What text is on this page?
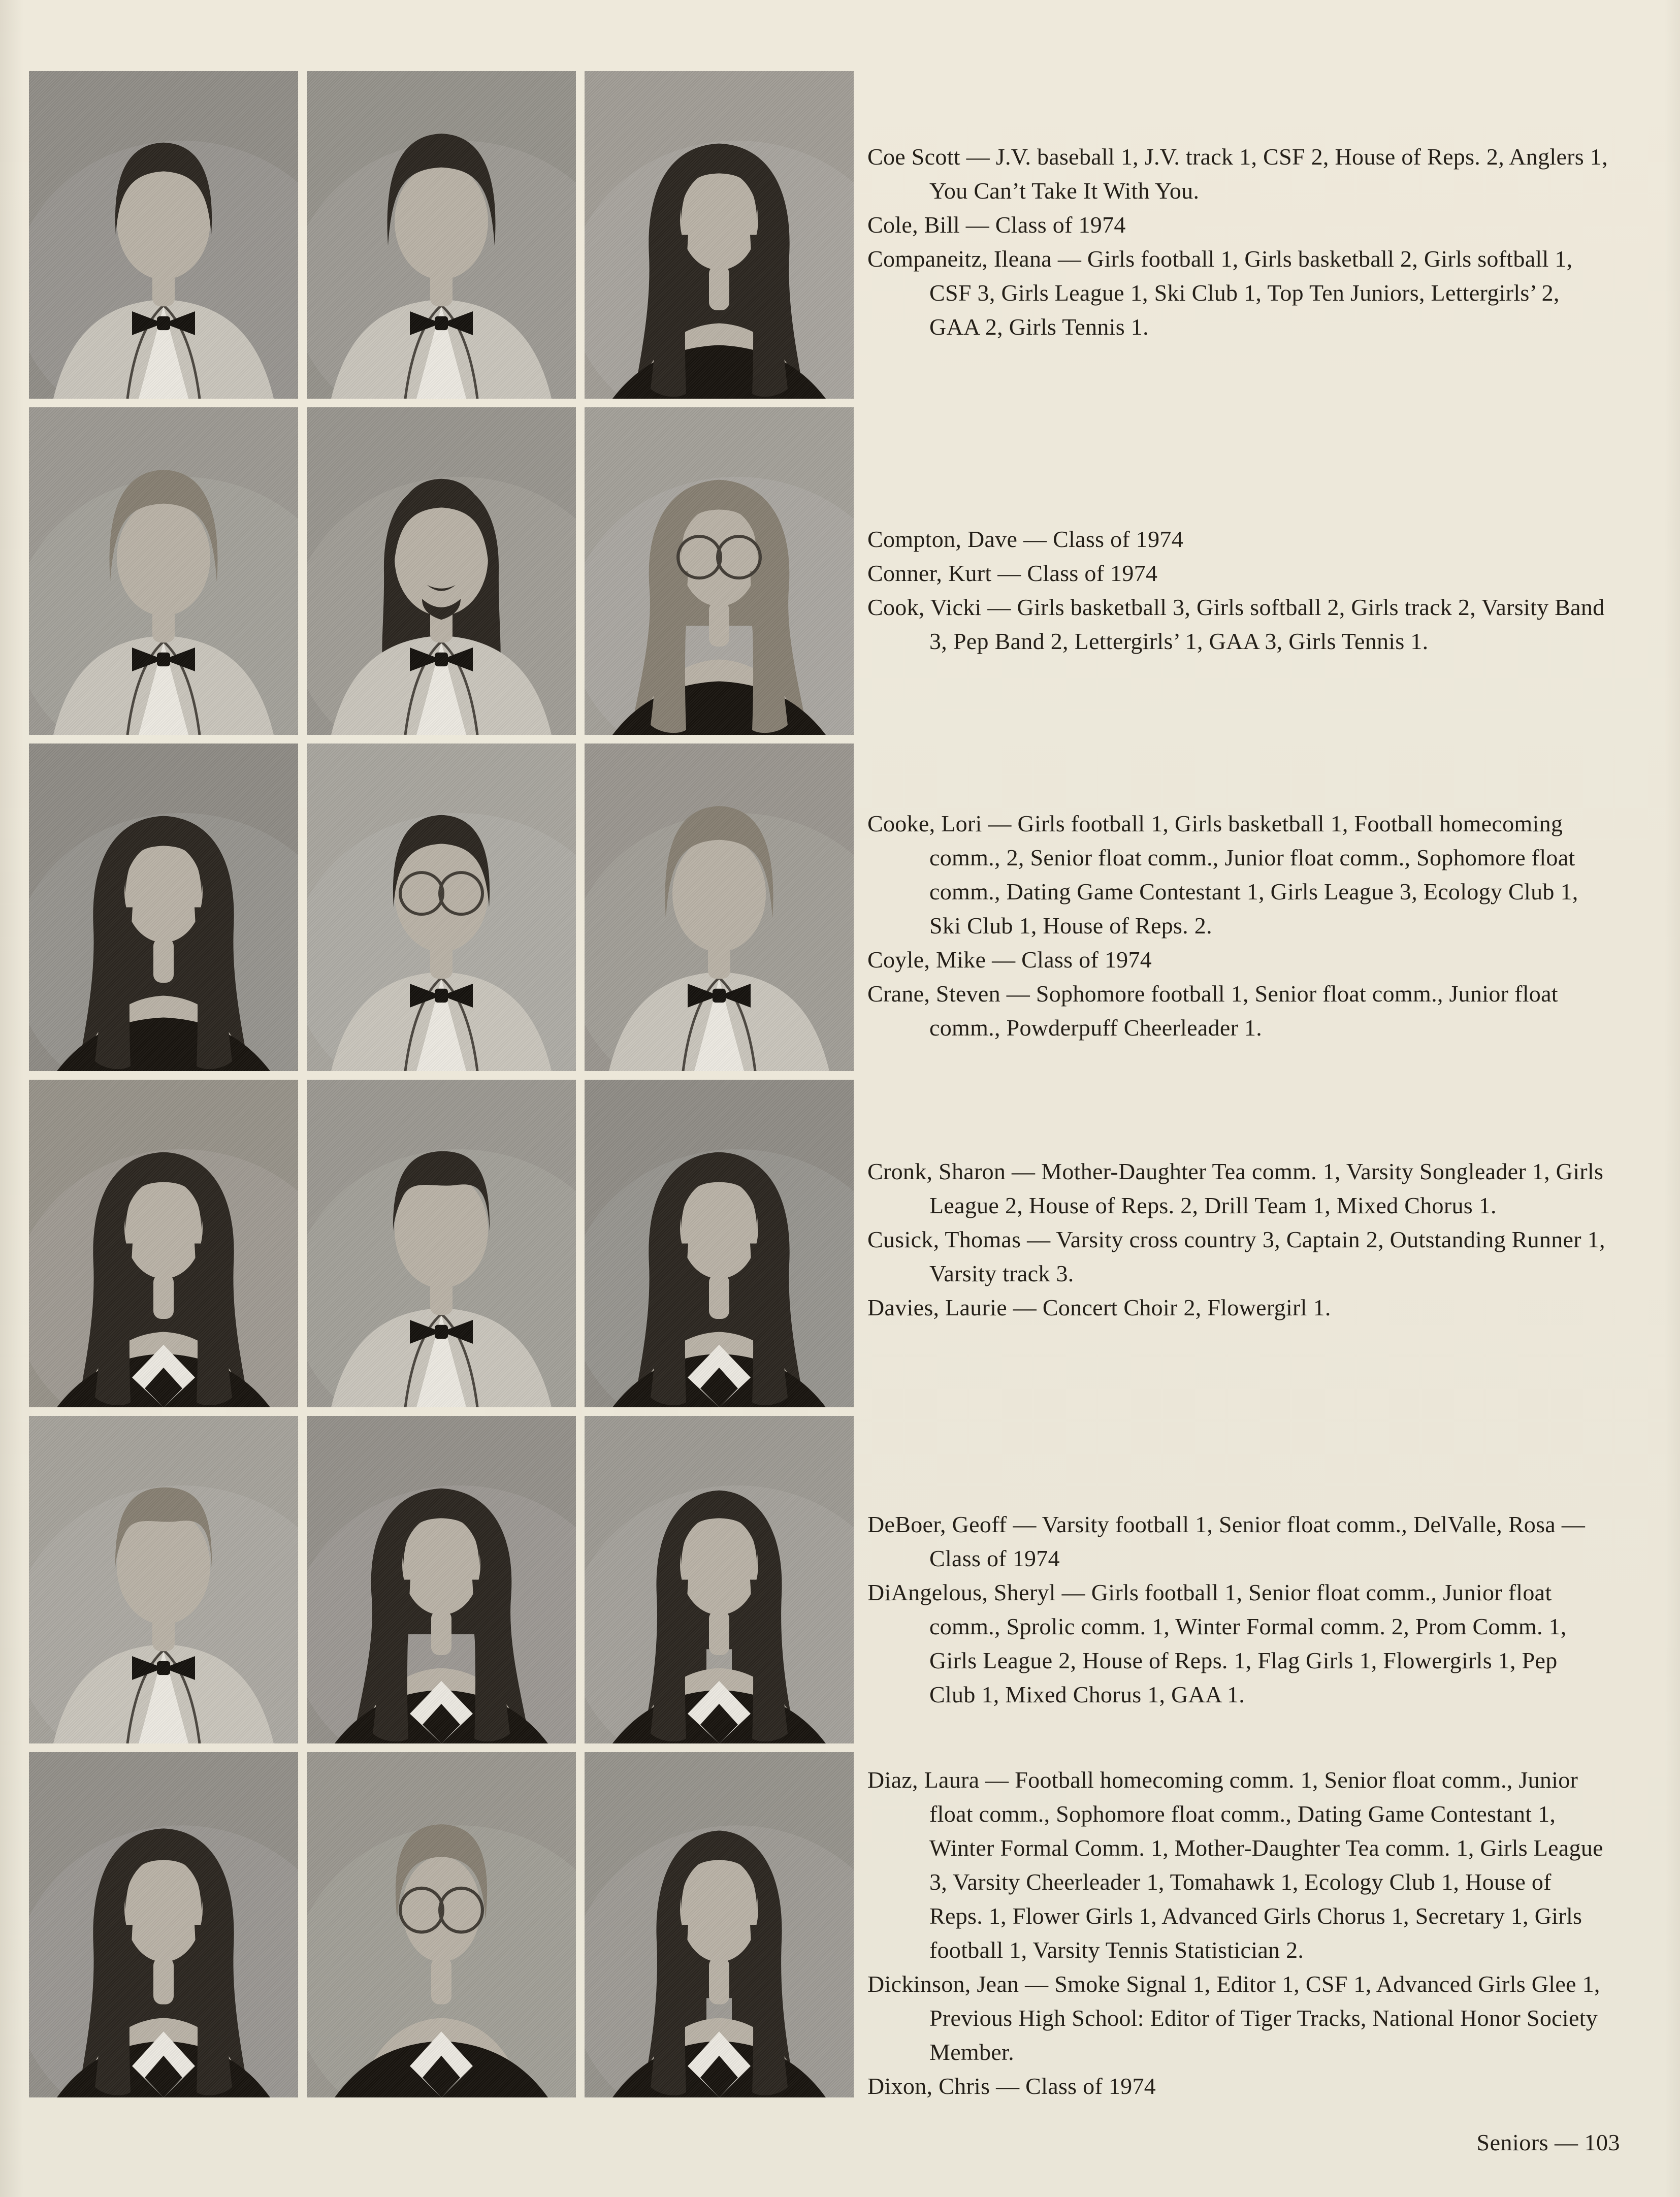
Coe Scott — J.V. baseball 1, J.V. track 1, CSF 2, House of Reps. 2, Anglers 1, You Can’t Take It With You.

Cole, Bill — Class of 1974

Companeitz, Ileana — Girls football 1, Girls basketball 2, Girls softball 1, CSF 3, Girls League 1, Ski Club 1, Top Ten Juniors, Lettergirls’ 2, GAA 2, Girls Tennis 1.

Compton, Dave — Class of 1974

Conner, Kurt — Class of 1974

Cook, Vicki — Girls basketball 3, Girls softball 2, Girls track 2, Varsity Band 3, Pep Band 2, Lettergirls’ 1, GAA 3, Girls Tennis 1.

Cooke, Lori — Girls football 1, Girls basketball 1, Football homecoming comm., 2, Senior float comm., Junior float comm., Sophomore float comm., Dating Game Contestant 1, Girls League 3, Ecology Club 1, Ski Club 1, House of Reps. 2.

Coyle, Mike — Class of 1974

Crane, Steven — Sophomore football 1, Senior float comm., Junior float comm., Powderpuff Cheerleader 1.

Cronk, Sharon — Mother-Daughter Tea comm. 1, Varsity Songleader 1, Girls League 2, House of Reps. 2, Drill Team 1, Mixed Chorus 1.

Cusick, Thomas — Varsity cross country 3, Captain 2, Outstanding Runner 1, Varsity track 3.

Davies, Laurie — Concert Choir 2, Flowergirl 1.

DeBoer, Geoff — Varsity football 1, Senior float comm., DelValle, Rosa — Class of 1974

DiAngelous, Sheryl — Girls football 1, Senior float comm., Junior float comm., Sprolic comm. 1, Winter Formal comm. 2, Prom Comm. 1, Girls League 2, House of Reps. 1, Flag Girls 1, Flowergirls 1, Pep Club 1, Mixed Chorus 1, GAA 1.

Diaz, Laura — Football homecoming comm. 1, Senior float comm., Junior float comm., Sophomore float comm., Dating Game Contestant 1, Winter Formal Comm. 1, Mother-Daughter Tea comm. 1, Girls League 3, Varsity Cheerleader 1, Tomahawk 1, Ecology Club 1, House of Reps. 1, Flower Girls 1, Advanced Girls Chorus 1, Secretary 1, Girls football 1, Varsity Tennis Statistician 2.

Dickinson, Jean — Smoke Signal 1, Editor 1, CSF 1, Advanced Girls Glee 1, Previous High School: Editor of Tiger Tracks, National Honor Society Member.

Dixon, Chris — Class of 1974

Seniors — 103
